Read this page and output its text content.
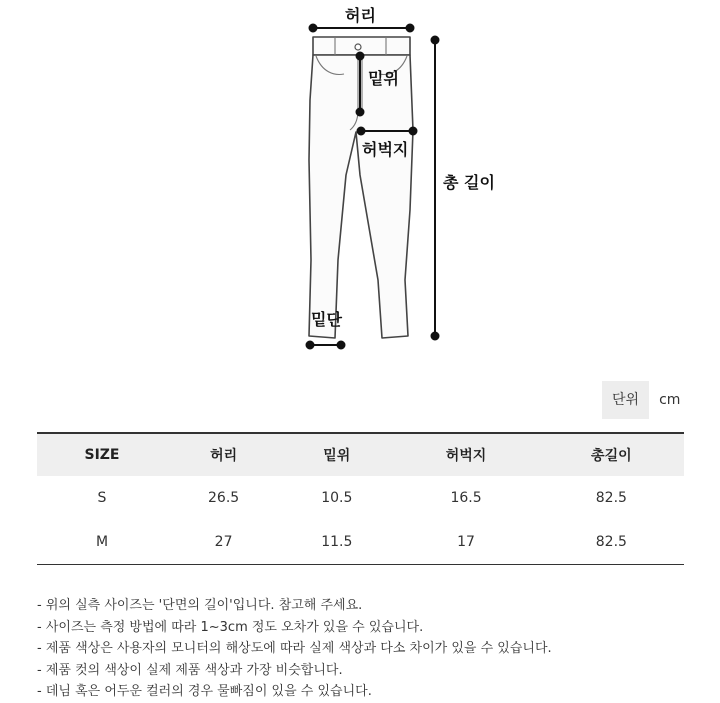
허리
밑위
허벅지
총 길이
밑단
단위	cm
SIZE	허리	밑위	허벅지	총길이
S	26.5	10.5	16.5	82.5
M	27	11.5	17	82.5
- 위의 실측 사이즈는 '단면의 길이'입니다. 참고해 주세요.
- 사이즈는 측정 방법에 따라 1~3cm 정도 오차가 있을 수 있습니다.
- 제품 색상은 사용자의 모니터의 해상도에 따라 실제 색상과 다소 차이가 있을 수 있습니다.
- 제품 컷의 색상이 실제 제품 색상과 가장 비슷합니다.
- 데님 혹은 어두운 컬러의 경우 물빠짐이 있을 수 있습니다.
